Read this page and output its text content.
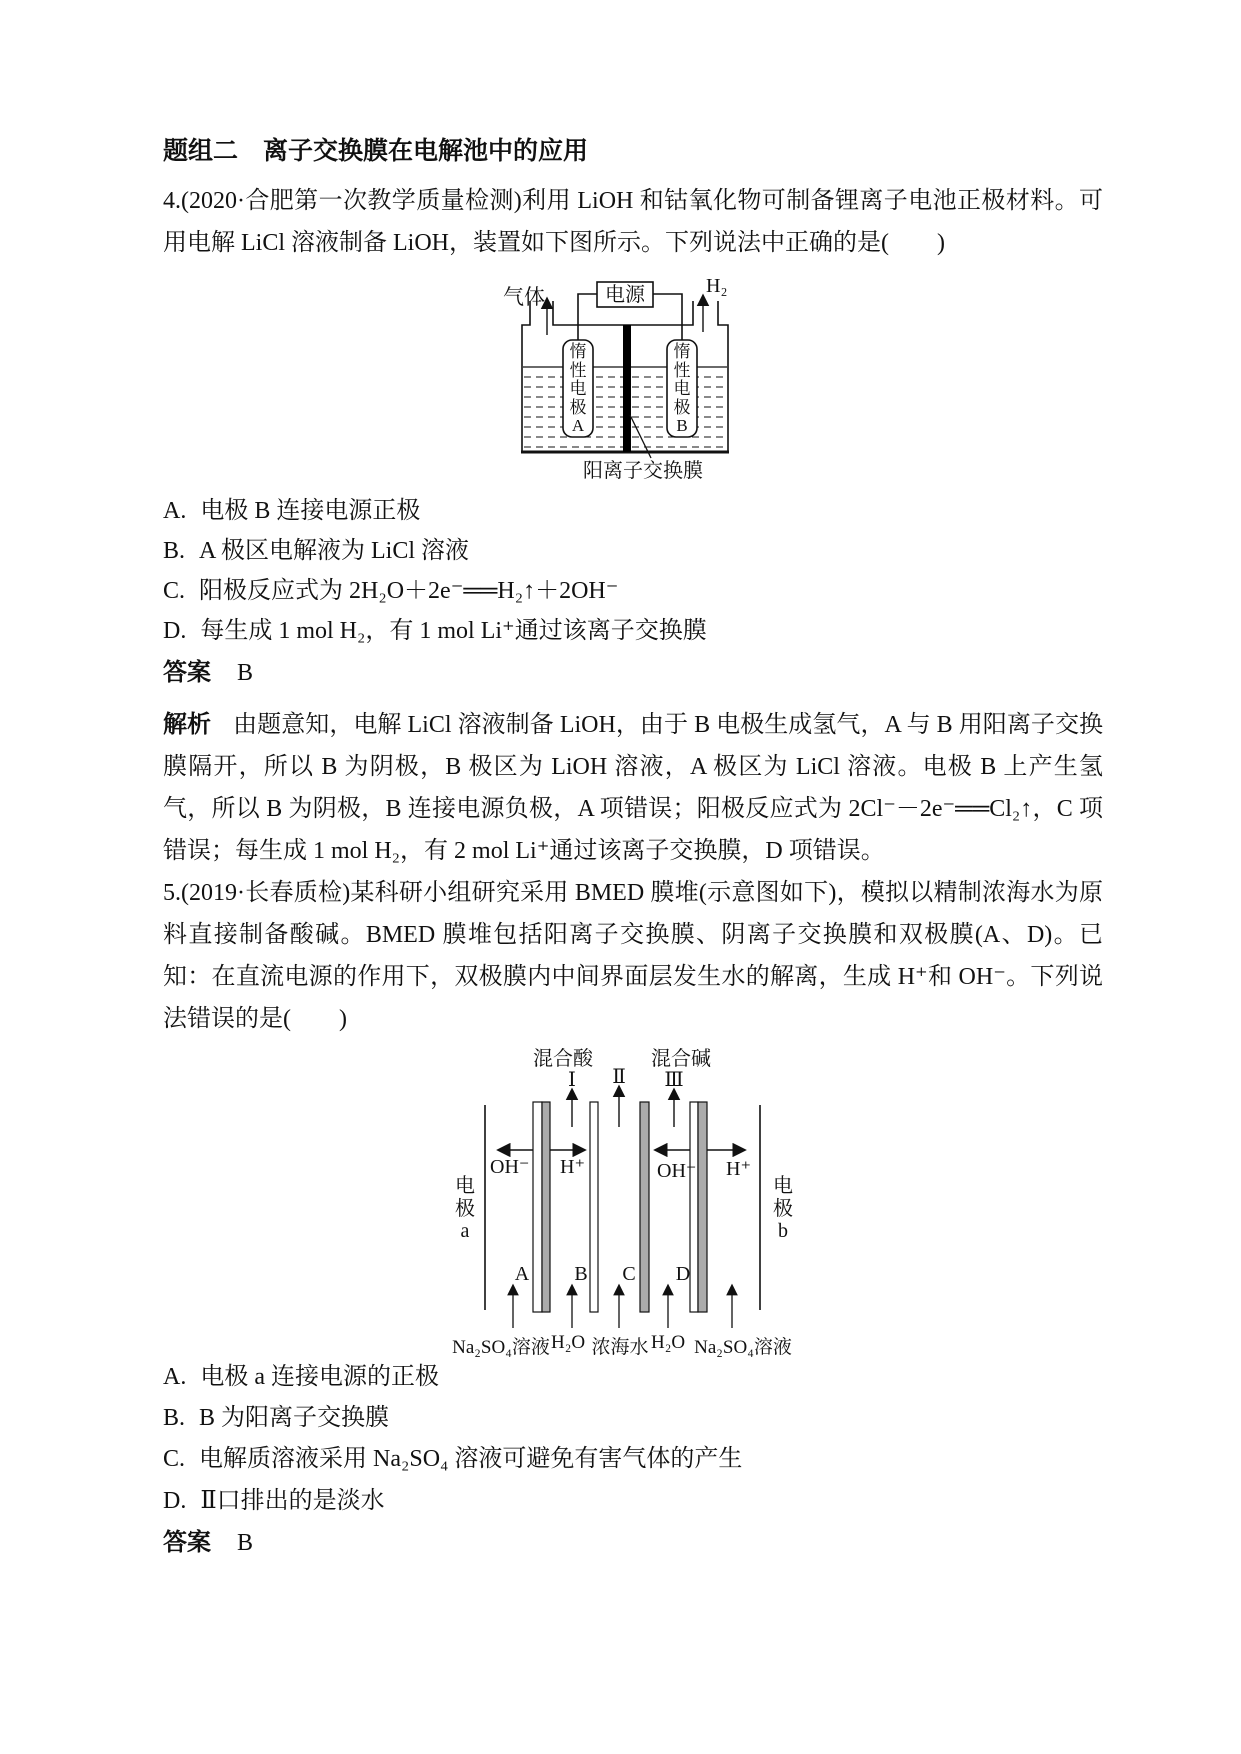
题组二　离子交换膜在电解池中的应用
4.(2020·合肥第一次教学质量检测)利用 LiOH 和钴氧化物可制备锂离子电池正极材料。可用电解 LiCl 溶液制备 LiOH，装置如下图所示。下列说法中正确的是(　　)
气体	电源	H₂
惰性电极A
惰性电极B
阳离子交换膜
A. 电极 B 连接电源正极
B. A 极区电解液为 LiCl 溶液
C. 阳极反应式为 2H₂O＋2e⁻══H₂↑＋2OH⁻
D. 每生成 1 mol H₂，有 1 mol Li⁺通过该离子交换膜
答案 B
解析 由题意知，电解 LiCl 溶液制备 LiOH，由于 B 电极生成氢气，A 与 B 用阳离子交换膜隔开，所以 B 为阴极，B 极区为 LiOH 溶液，A 极区为 LiCl 溶液。电极 B 上产生氢气，所以 B 为阴极，B 连接电源负极，A 项错误；阳极反应式为 2Cl⁻－2e⁻══Cl₂↑，C 项错误；每生成 1 mol H₂，有 2 mol Li⁺通过该离子交换膜，D 项错误。
5.(2019·长春质检)某科研小组研究采用 BMED 膜堆(示意图如下)，模拟以精制浓海水为原料直接制备酸碱。BMED 膜堆包括阳离子交换膜、阴离子交换膜和双极膜(A、D)。已知：在直流电源的作用下，双极膜内中间界面层发生水的解离，生成 H⁺和 OH⁻。下列说法错误的是(　　)
混合酸	混合碱
Ⅰ	Ⅱ Ⅲ
OH⁻ H⁺	OH⁻ H⁺
电极a
电极b
A B C D
Na₂SO₄溶液 H₂O 浓海水 H₂O Na₂SO₄溶液
A. 电极 a 连接电源的正极
B. B 为阳离子交换膜
C. 电解质溶液采用 Na₂SO₄ 溶液可避免有害气体的产生
D. Ⅱ口排出的是淡水
答案 B
